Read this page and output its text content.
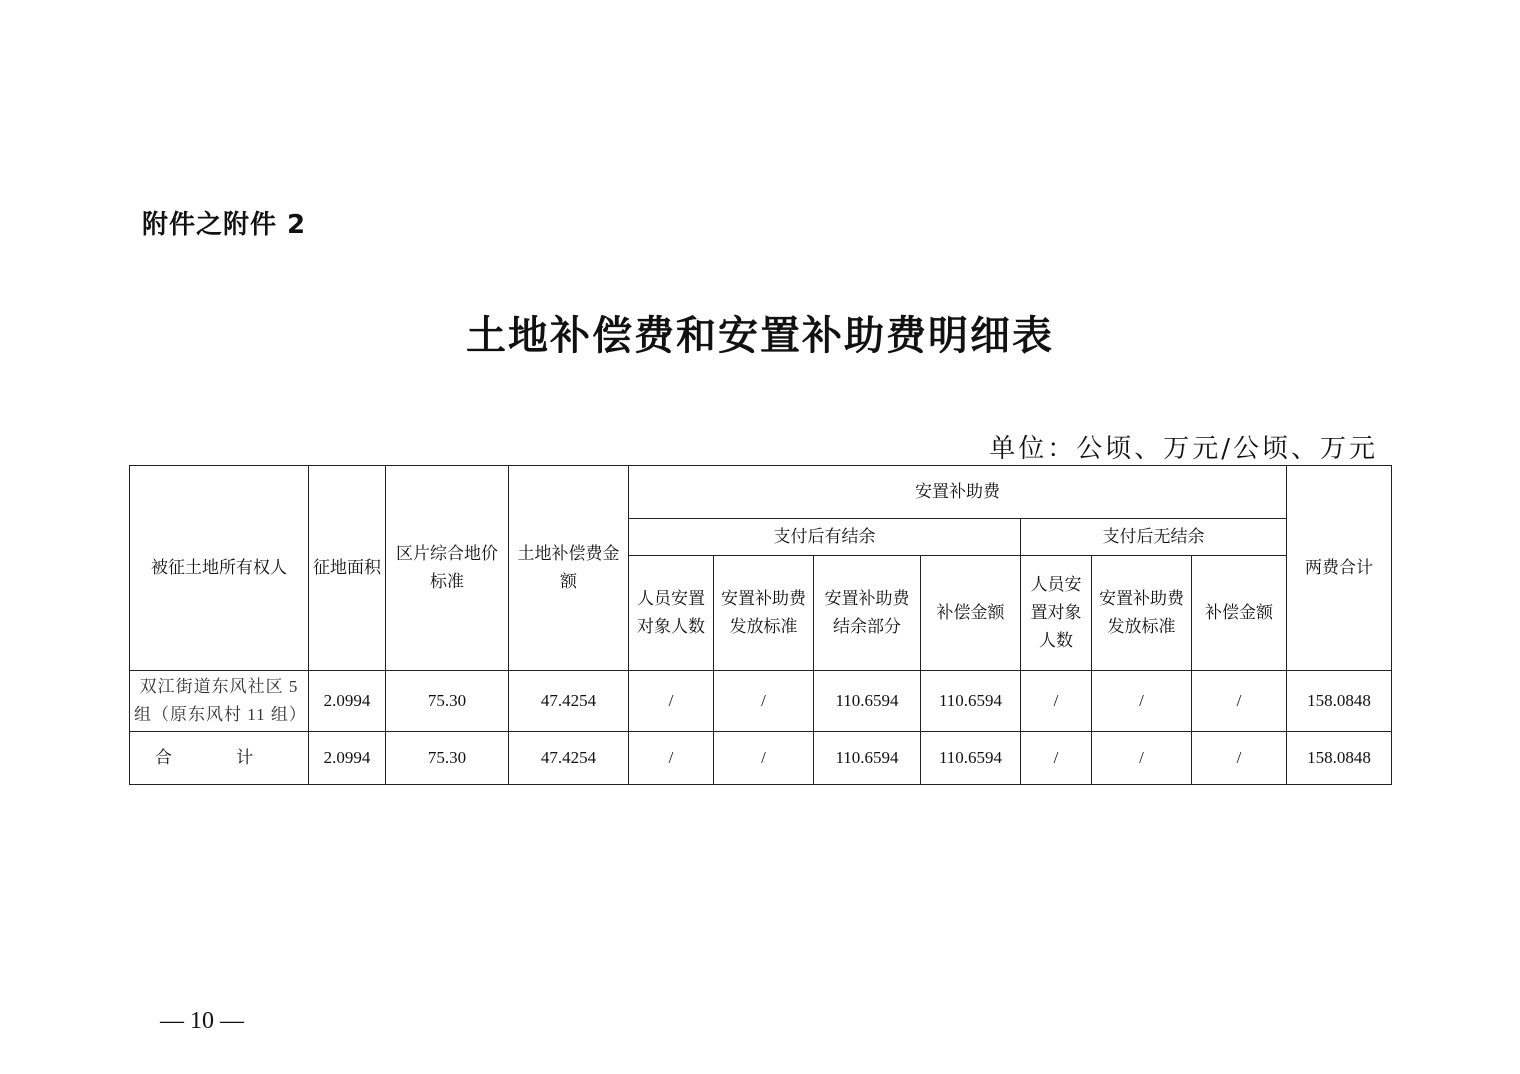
附件之附件 2
土地补偿费和安置补助费明细表
单位：公顷、万元/公顷、万元
被征土地所有权人	征地面积	区片综合地价标准	土地补偿费金额	安置补助费							两费合计
				支付后有结余				支付后无结余			
				人员安置对象人数	安置补助费发放标准	安置补助费结余部分	补偿金额	人员安置对象人数	安置补助费发放标准	补偿金额	
双江街道东风社区 5 组（原东风村 11 组）	2.0994	75.30	47.4254	/	/	110.6594	110.6594	/	/	/	158.0848
合 计	2.0994	75.30	47.4254	/	/	110.6594	110.6594	/	/	/	158.0848
— 10 —
